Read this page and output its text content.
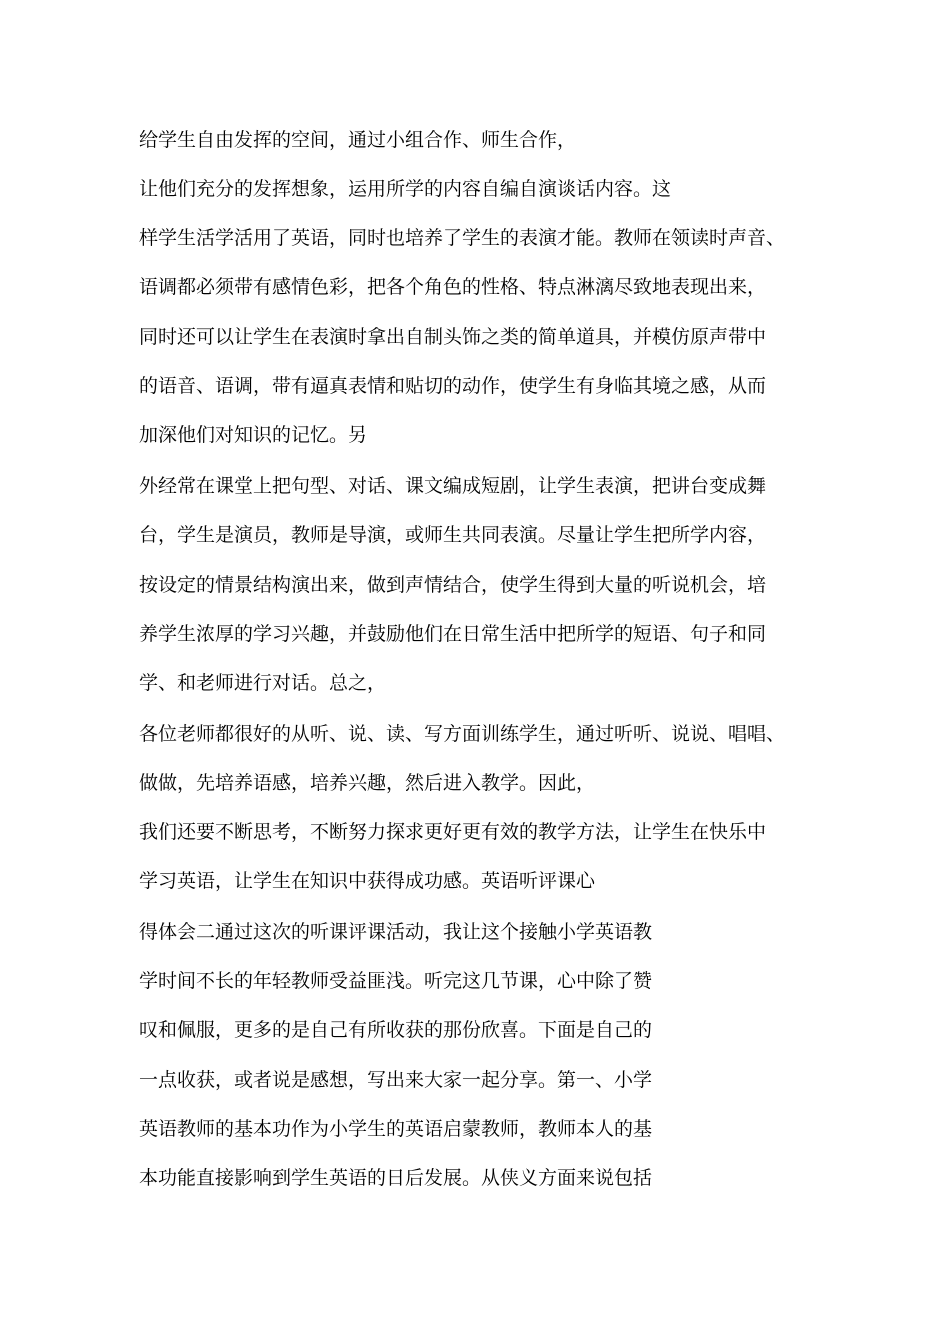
给学生自由发挥的空间，通过小组合作、师生合作，

让他们充分的发挥想象，运用所学的内容自编自演谈话内容。这

样学生活学活用了英语，同时也培养了学生的表演才能。教师在领读时声音、

语调都必须带有感情色彩，把各个角色的性格、特点淋漓尽致地表现出来，

同时还可以让学生在表演时拿出自制头饰之类的简单道具，并模仿原声带中

的语音、语调，带有逼真表情和贴切的动作，使学生有身临其境之感，从而

加深他们对知识的记忆。另

外经常在课堂上把句型、对话、课文编成短剧，让学生表演，把讲台变成舞

台，学生是演员，教师是导演，或师生共同表演。尽量让学生把所学内容，

按设定的情景结构演出来，做到声情结合，使学生得到大量的听说机会，培

养学生浓厚的学习兴趣，并鼓励他们在日常生活中把所学的短语、句子和同

学、和老师进行对话。总之，

各位老师都很好的从听、说、读、写方面训练学生，通过听听、说说、唱唱、

做做，先培养语感，培养兴趣，然后进入教学。因此，

我们还要不断思考，不断努力探求更好更有效的教学方法，让学生在快乐中

学习英语，让学生在知识中获得成功感。英语听评课心

得体会二通过这次的听课评课活动，我让这个接触小学英语教

学时间不长的年轻教师受益匪浅。听完这几节课，心中除了赞

叹和佩服，更多的是自己有所收获的那份欣喜。下面是自己的

一点收获，或者说是感想，写出来大家一起分享。第一、小学

英语教师的基本功作为小学生的英语启蒙教师，教师本人的基

本功能直接影响到学生英语的日后发展。从侠义方面来说包括
